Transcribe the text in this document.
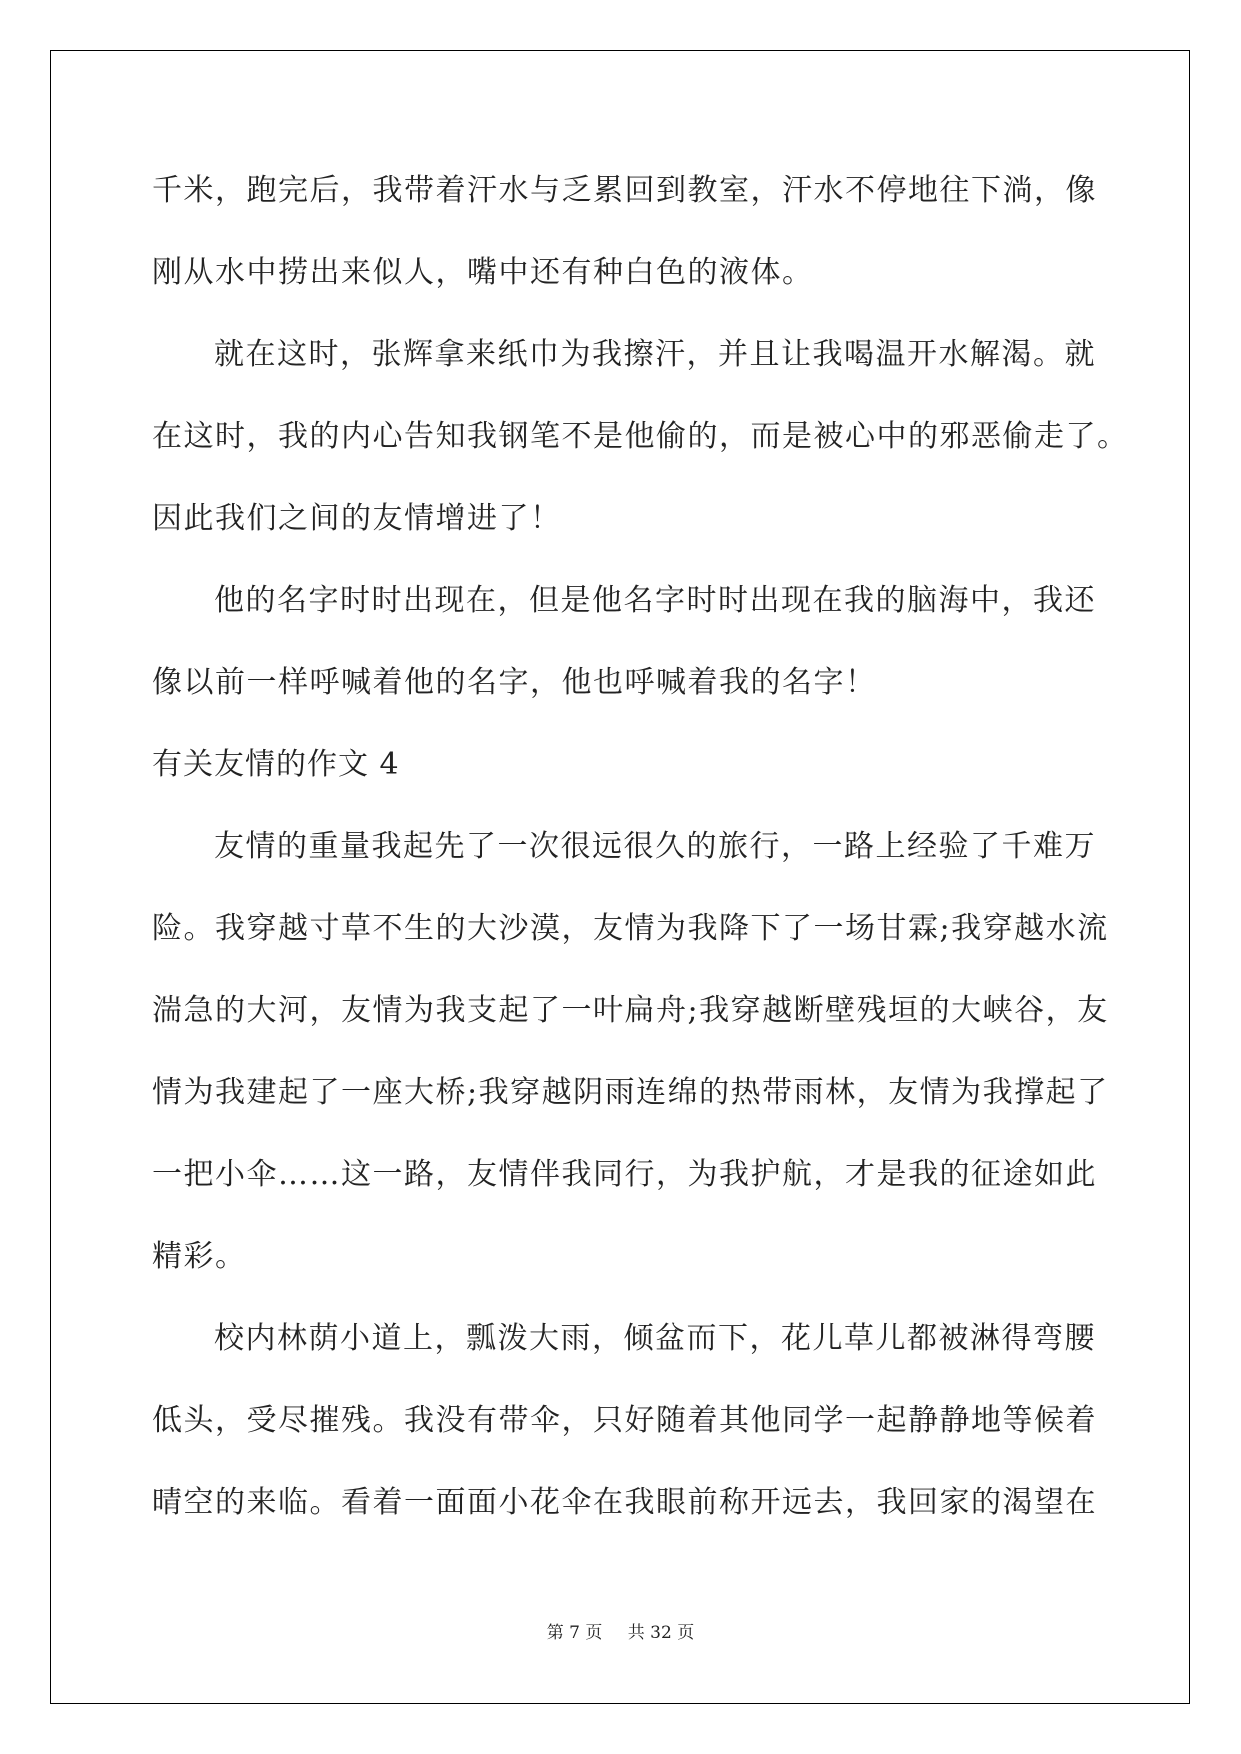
千米，跑完后，我带着汗水与乏累回到教室，汗水不停地往下淌，像
刚从水中捞出来似人，嘴中还有种白色的液体。
就在这时，张辉拿来纸巾为我擦汗，并且让我喝温开水解渴。就
在这时，我的内心告知我钢笔不是他偷的，而是被心中的邪恶偷走了。
因此我们之间的友情增进了！
他的名字时时出现在，但是他名字时时出现在我的脑海中，我还
像以前一样呼喊着他的名字，他也呼喊着我的名字！
有关友情的作文 4
友情的重量我起先了一次很远很久的旅行，一路上经验了千难万
险。我穿越寸草不生的大沙漠，友情为我降下了一场甘霖;我穿越水流
湍急的大河，友情为我支起了一叶扁舟;我穿越断壁残垣的大峡谷，友
情为我建起了一座大桥;我穿越阴雨连绵的热带雨林，友情为我撑起了
一把小伞……这一路，友情伴我同行，为我护航，才是我的征途如此
精彩。
校内林荫小道上，瓢泼大雨，倾盆而下，花儿草儿都被淋得弯腰
低头，受尽摧残。我没有带伞，只好随着其他同学一起静静地等候着
晴空的来临。看着一面面小花伞在我眼前称开远去，我回家的渴望在
第 7 页 共 32 页
